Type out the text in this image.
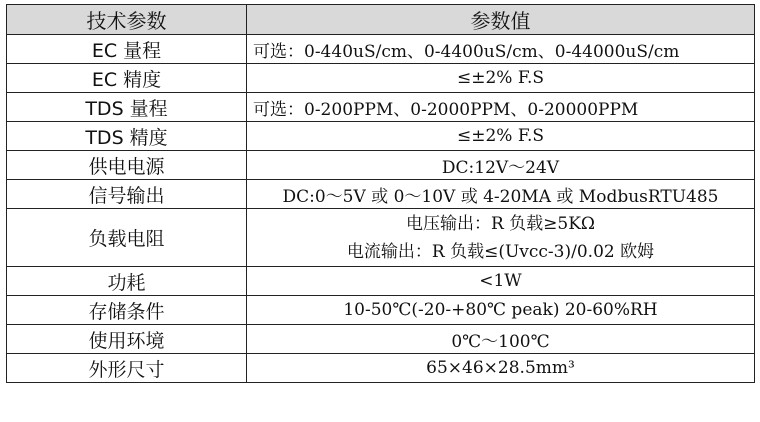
技术参数	参数值
EC 量程	可选：0-440uS/cm、0-4400uS/cm、0-44000uS/cm
EC 精度	≤±2% F.S
TDS 量程	可选：0-200PPM、0-2000PPM、0-20000PPM
TDS 精度	≤±2% F.S
供电电源	DC:12V～24V
信号输出	DC:0～5V 或 0～10V 或 4-20MA 或 ModbusRTU485
负载电阻	电压输出：R 负载≥5KΩ
电流输出：R 负载≤(Uvcc-3)/0.02 欧姆

功耗	<1W
存储条件	10-50℃(-20-+80℃ peak) 20-60%RH
使用环境	0℃～100℃
外形尺寸	65×46×28.5mm³
